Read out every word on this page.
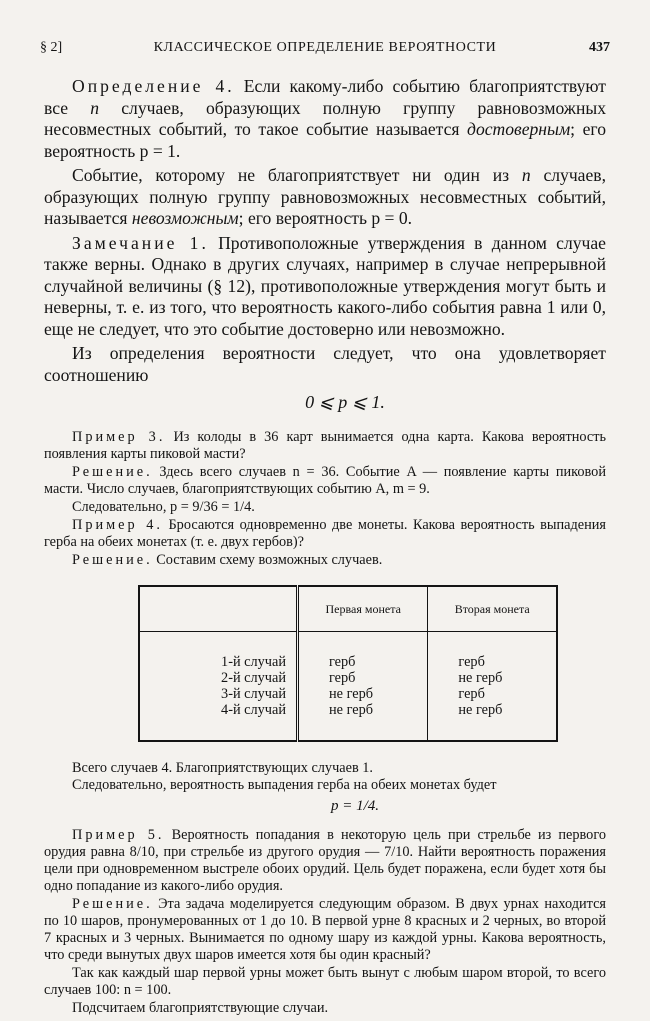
§ 2]	КЛАССИЧЕСКОЕ ОПРЕДЕЛЕНИЕ ВЕРОЯТНОСТИ	437

Определение 4. Если какому-либо событию благоприятствуют все n случаев, образующих полную группу равновозможных несовместных событий, то такое событие называется достоверным; его вероятность p = 1.

Событие, которому не благоприятствует ни один из n случаев, образующих полную группу равновозможных несовместных событий, называется невозможным; его вероятность p = 0.

Замечание 1. Противоположные утверждения в данном случае также верны. Однако в других случаях, например в случае непрерывной случайной величины (§ 12), противоположные утверждения могут быть и неверны, т. е. из того, что вероятность какого-либо события равна 1 или 0, еще не следует, что это событие достоверно или невозможно.

Из определения вероятности следует, что она удовлетворяет соотношению

0 ⩽ p ⩽ 1.

Пример 3. Из колоды в 36 карт вынимается одна карта. Какова вероятность появления карты пиковой масти?

Решение. Здесь всего случаев n = 36. Событие A — появление карты пиковой масти. Число случаев, благоприятствующих событию A, m = 9.

Следовательно, p = 9/36 = 1/4.

Пример 4. Бросаются одновременно две монеты. Какова вероятность выпадения герба на обеих монетах (т. е. двух гербов)?

Решение. Составим схему возможных случаев.

	Первая монета	Вторая монета
1-й случай	герб	герб
2-й случай	герб	не герб
3-й случай	не герб	герб
4-й случай	не герб	не герб

Всего случаев 4. Благоприятствующих случаев 1.

Следовательно, вероятность выпадения герба на обеих монетах будет

p = 1/4.

Пример 5. Вероятность попадания в некоторую цель при стрельбе из первого орудия равна 8/10, при стрельбе из другого орудия — 7/10. Найти вероятность поражения цели при одновременном выстреле обоих орудий. Цель будет поражена, если будет хотя бы одно попадание из какого-либо орудия.

Решение. Эта задача моделируется следующим образом. В двух урнах находится по 10 шаров, пронумерованных от 1 до 10. В первой урне 8 красных и 2 черных, во второй 7 красных и 3 черных. Вынимается по одному шару из каждой урны. Какова вероятность, что среди вынутых двух шаров имеется хотя бы один красный?

Так как каждый шар первой урны может быть вынут с любым шаром второй, то всего случаев 100: n = 100.

Подсчитаем благоприятствующие случаи.
